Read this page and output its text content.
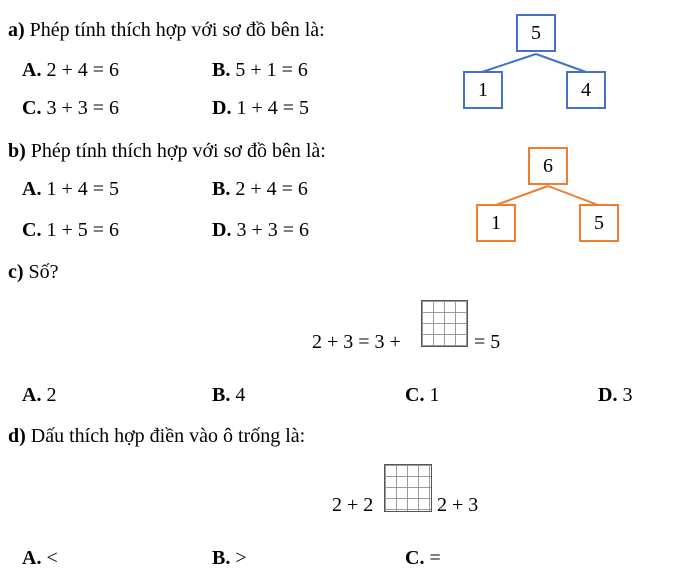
a) Phép tính thích hợp với sơ đồ bên là:
A. 2 + 4 = 6	B. 5 + 1 = 6
C. 3 + 3 = 6	D. 1 + 4 = 5
5
1	4
b) Phép tính thích hợp với sơ đồ bên là:
A. 1 + 4 = 5	B. 2 + 4 = 6
C. 1 + 5 = 6	D. 3 + 3 = 6
6
1	5
c) Số?
2 + 3 = 3 +	= 5
A. 2	B. 4	C. 1	D. 3
d) Dấu thích hợp điền vào ô trống là:
2 + 2	2 + 3
A. <	B. >	C. =
